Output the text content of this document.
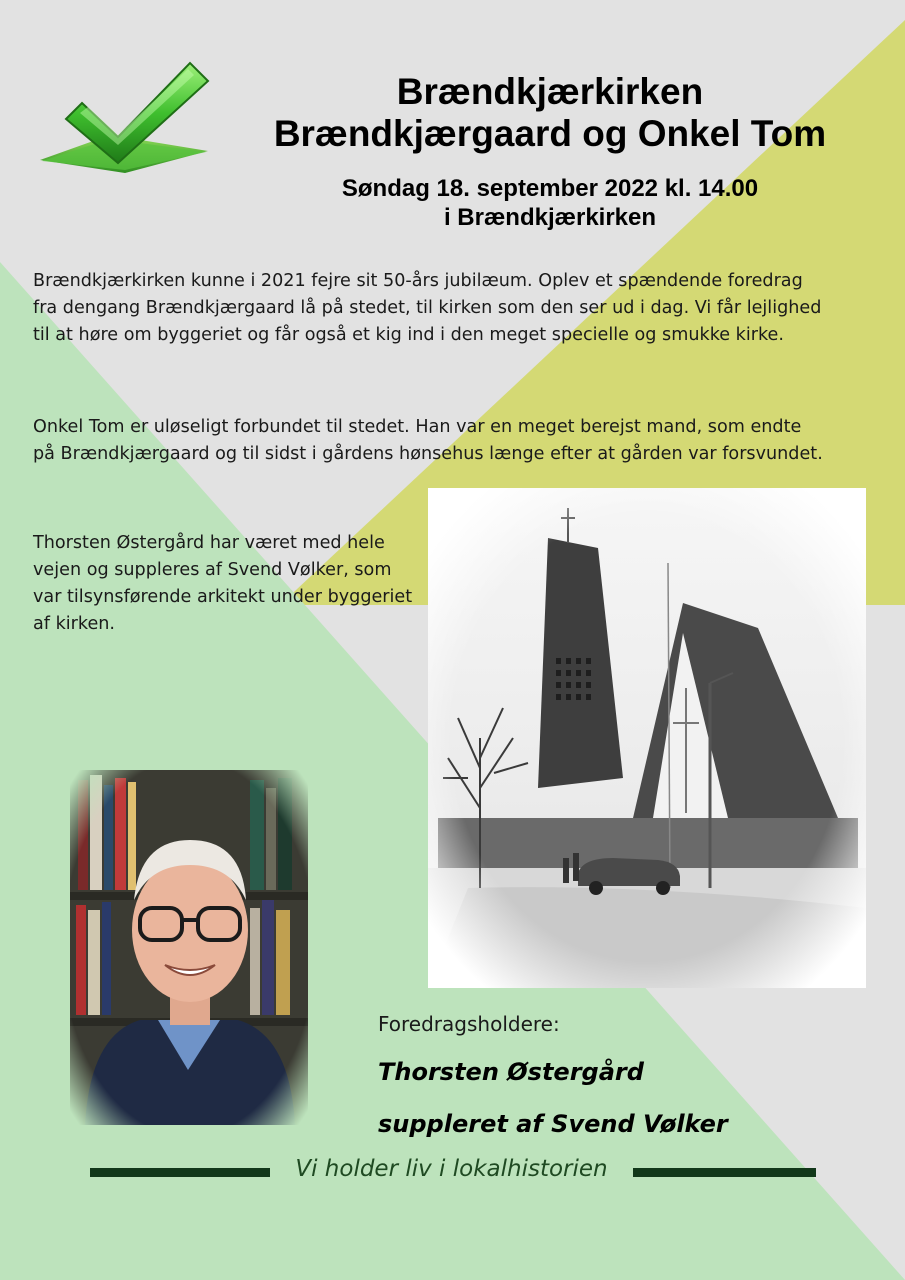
Brændkjærkirken
Brændkjærgaard og Onkel Tom
Søndag 18. september 2022 kl. 14.00
i Brændkjærkirken

Brændkjærkirken kunne i 2021 fejre sit 50-års jubilæum. Oplev et spændende foredrag fra dengang Brændkjærgaard lå på stedet, til kirken som den ser ud i dag. Vi får lejlighed til at høre om byggeriet og får også et kig ind i den meget specielle og smukke kirke.

Onkel Tom er uløseligt forbundet til stedet. Han var en meget berejst mand, som endte på Brændkjærgaard og til sidst i gårdens hønsehus længe efter at gården var forsvundet.

Thorsten Østergård har været med hele vejen og suppleres af Svend Vølker, som var tilsynsførende arkitekt under byggeriet af kirken.

Foredragsholdere:
Thorsten Østergård
suppleret af Svend Vølker
Vi holder liv i lokalhistorien
